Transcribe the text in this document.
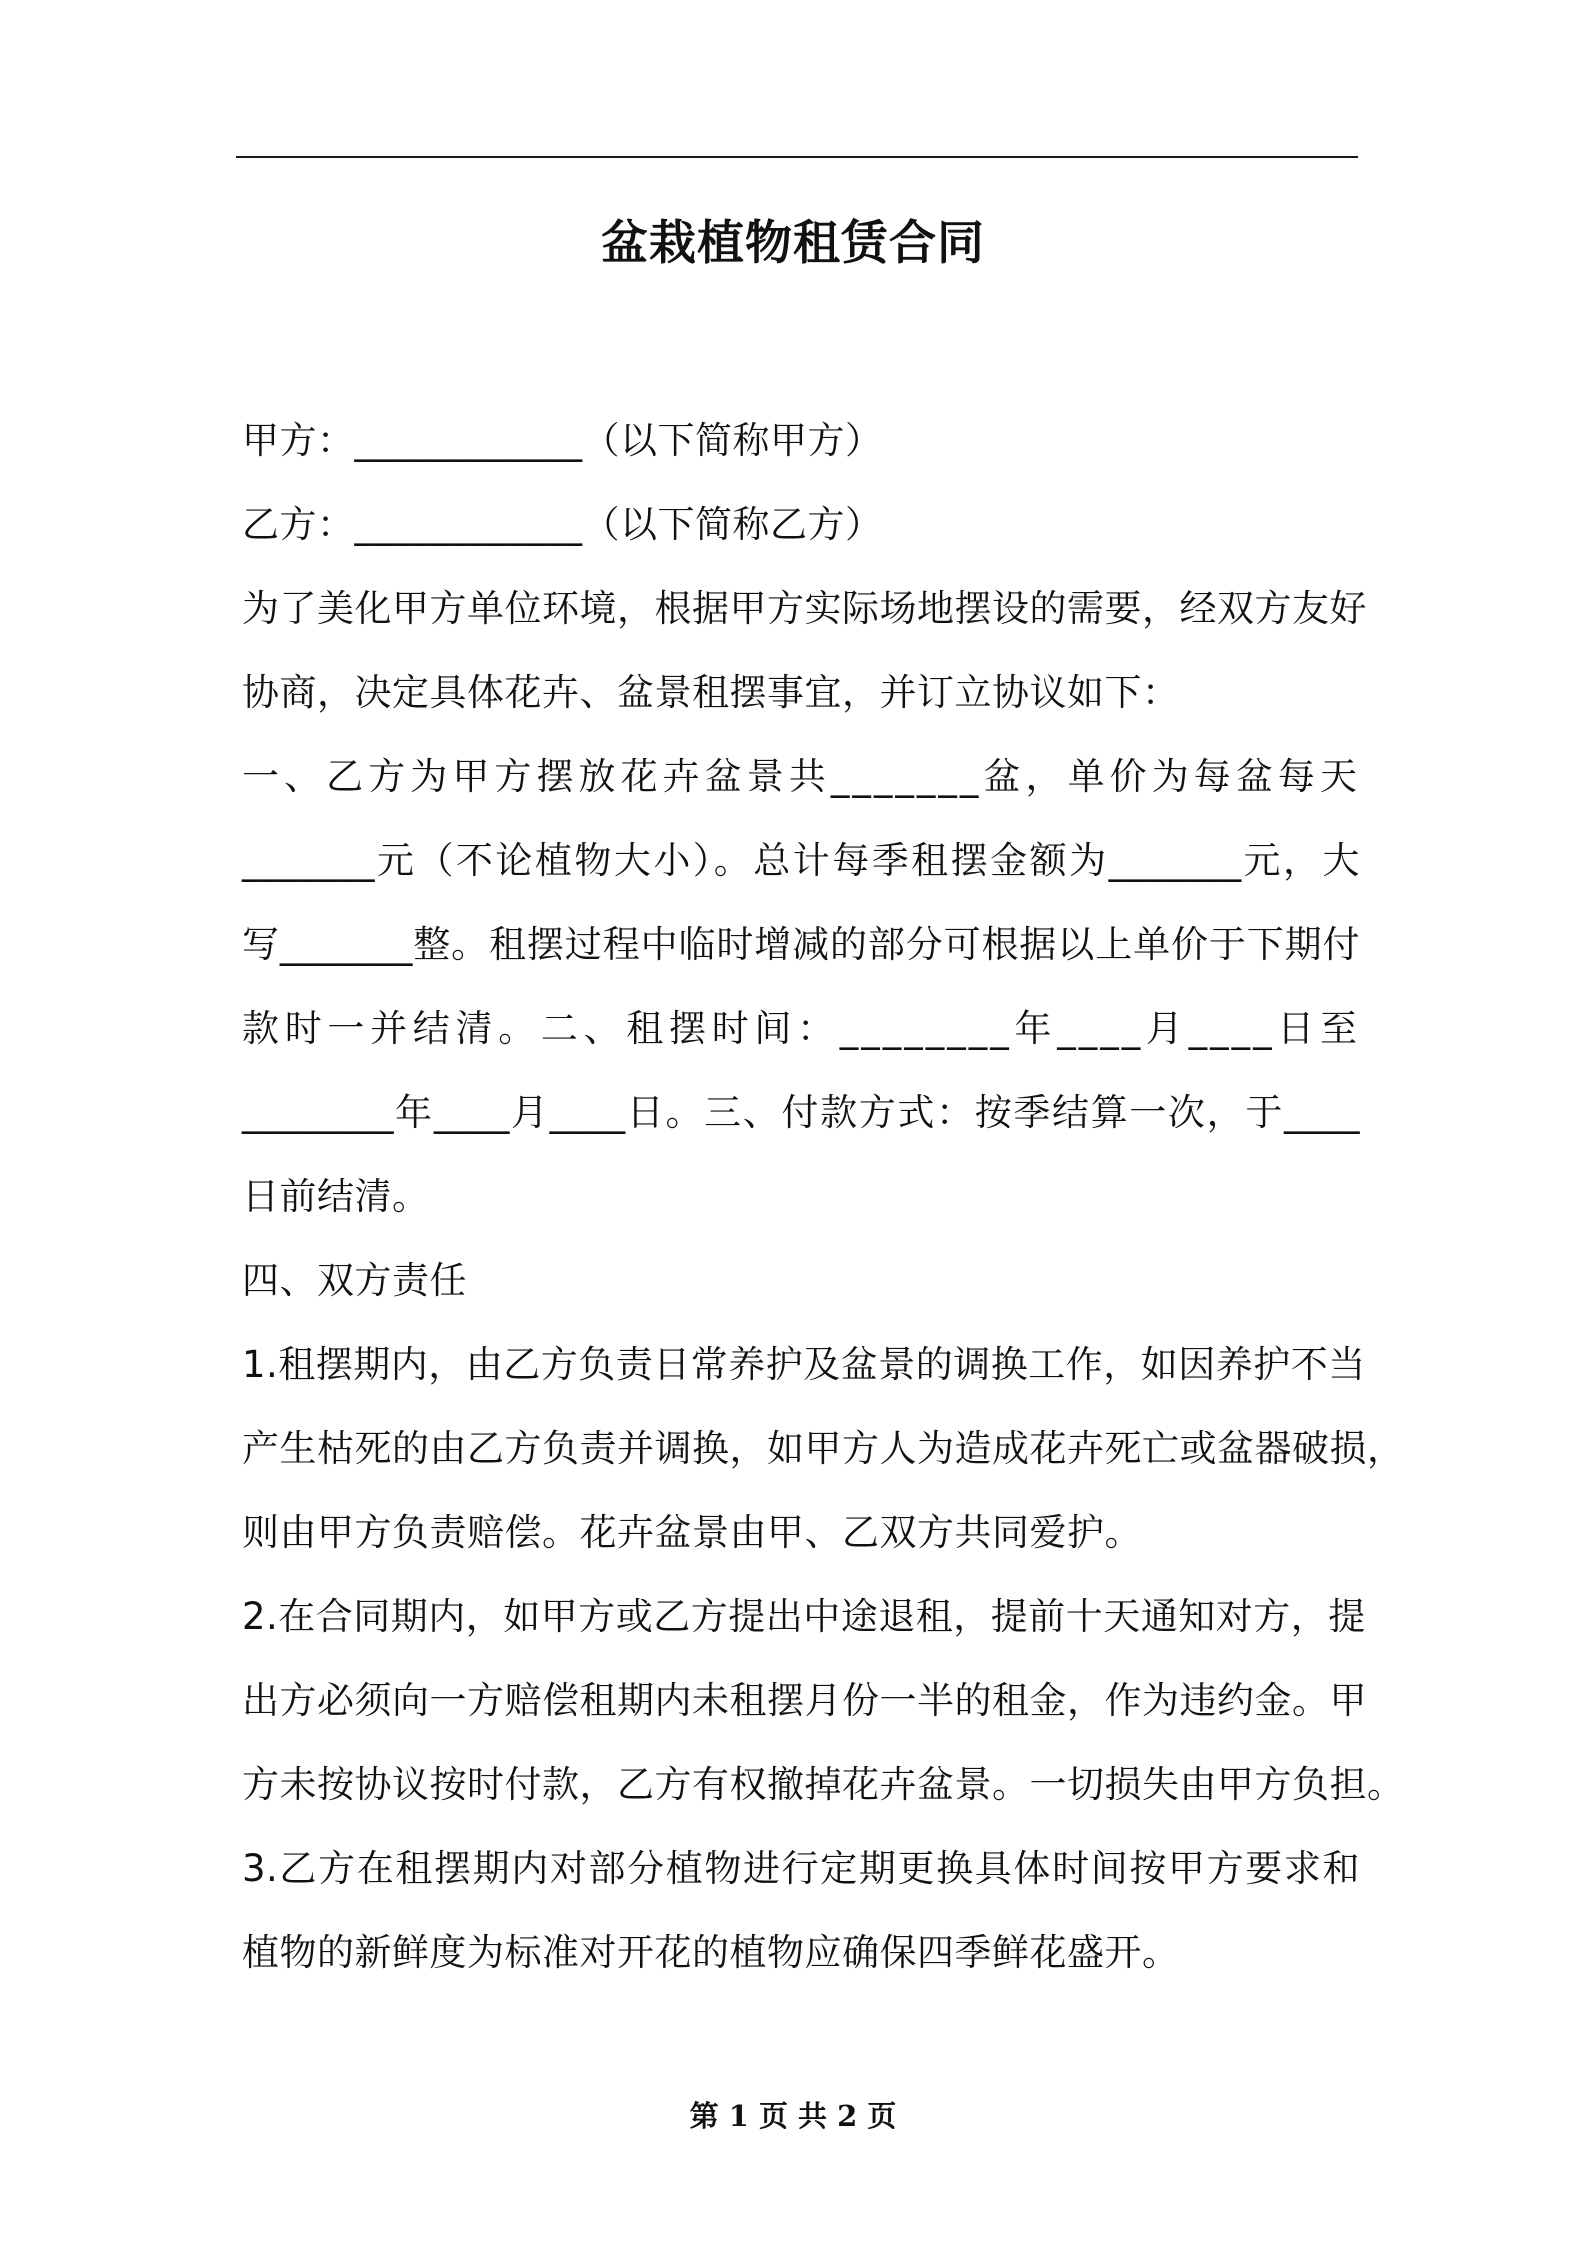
盆栽植物租赁合同
甲方：____________（以下简称甲方）
乙方：____________（以下简称乙方）
为了美化甲方单位环境，根据甲方实际场地摆设的需要，经双方友好
协商，决定具体花卉、盆景租摆事宜，并订立协议如下：
一、乙方为甲方摆放花卉盆景共_______盆，单价为每盆每天
_______元（不论植物大小）。总计每季租摆金额为_______元，大
写_______整。租摆过程中临时增减的部分可根据以上单价于下期付
款时一并结清。二、租摆时间：________年____月____日至
________年____月____日。三、付款方式：按季结算一次，于____
日前结清。
四、双方责任
1.租摆期内，由乙方负责日常养护及盆景的调换工作，如因养护不当
产生枯死的由乙方负责并调换，如甲方人为造成花卉死亡或盆器破损，
则由甲方负责赔偿。花卉盆景由甲、乙双方共同爱护。
2.在合同期内，如甲方或乙方提出中途退租，提前十天通知对方，提
出方必须向一方赔偿租期内未租摆月份一半的租金，作为违约金。甲
方未按协议按时付款，乙方有权撤掉花卉盆景。一切损失由甲方负担。
3.乙方在租摆期内对部分植物进行定期更换具体时间按甲方要求和
植物的新鲜度为标准对开花的植物应确保四季鲜花盛开。
第 1 页 共 2 页
